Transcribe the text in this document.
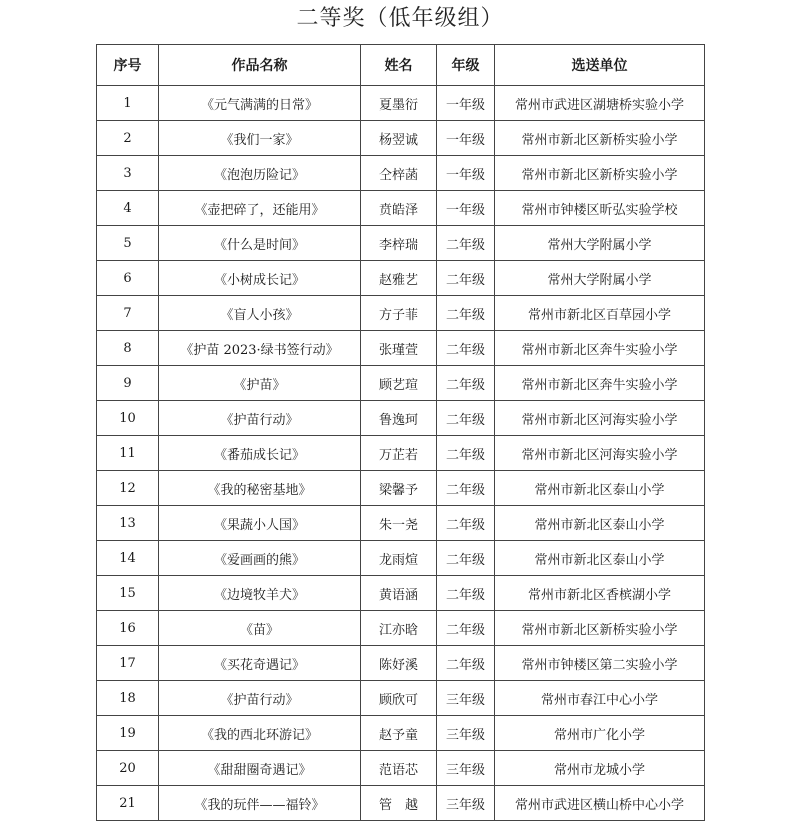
二等奖（低年级组）
序号	作品名称	姓名	年级	选送单位
1	《元气满满的日常》	夏墨衍	一年级	常州市武进区湖塘桥实验小学
2	《我们一家》	杨翌诚	一年级	常州市新北区新桥实验小学
3	《泡泡历险记》	仝梓菡	一年级	常州市新北区新桥实验小学
4	《壶把碎了，还能用》	贲皓泽	一年级	常州市钟楼区昕弘实验学校
5	《什么是时间》	李梓瑞	二年级	常州大学附属小学
6	《小树成长记》	赵雅艺	二年级	常州大学附属小学
7	《盲人小孩》	方子菲	二年级	常州市新北区百草园小学
8	《护苗 2023·绿书签行动》	张瑾萱	二年级	常州市新北区奔牛实验小学
9	《护苗》	顾艺瑄	二年级	常州市新北区奔牛实验小学
10	《护苗行动》	鲁逸珂	二年级	常州市新北区河海实验小学
11	《番茄成长记》	万芷若	二年级	常州市新北区河海实验小学
12	《我的秘密基地》	梁馨予	二年级	常州市新北区泰山小学
13	《果蔬小人国》	朱一尧	二年级	常州市新北区泰山小学
14	《爱画画的熊》	龙雨煊	二年级	常州市新北区泰山小学
15	《边境牧羊犬》	黄语涵	二年级	常州市新北区香槟湖小学
16	《苗》	江亦晗	二年级	常州市新北区新桥实验小学
17	《买花奇遇记》	陈妤溪	二年级	常州市钟楼区第二实验小学
18	《护苗行动》	顾欣可	三年级	常州市春江中心小学
19	《我的西北环游记》	赵予童	三年级	常州市广化小学
20	《甜甜圈奇遇记》	范语芯	三年级	常州市龙城小学
21	《我的玩伴——福铃》	管　越	三年级	常州市武进区横山桥中心小学
